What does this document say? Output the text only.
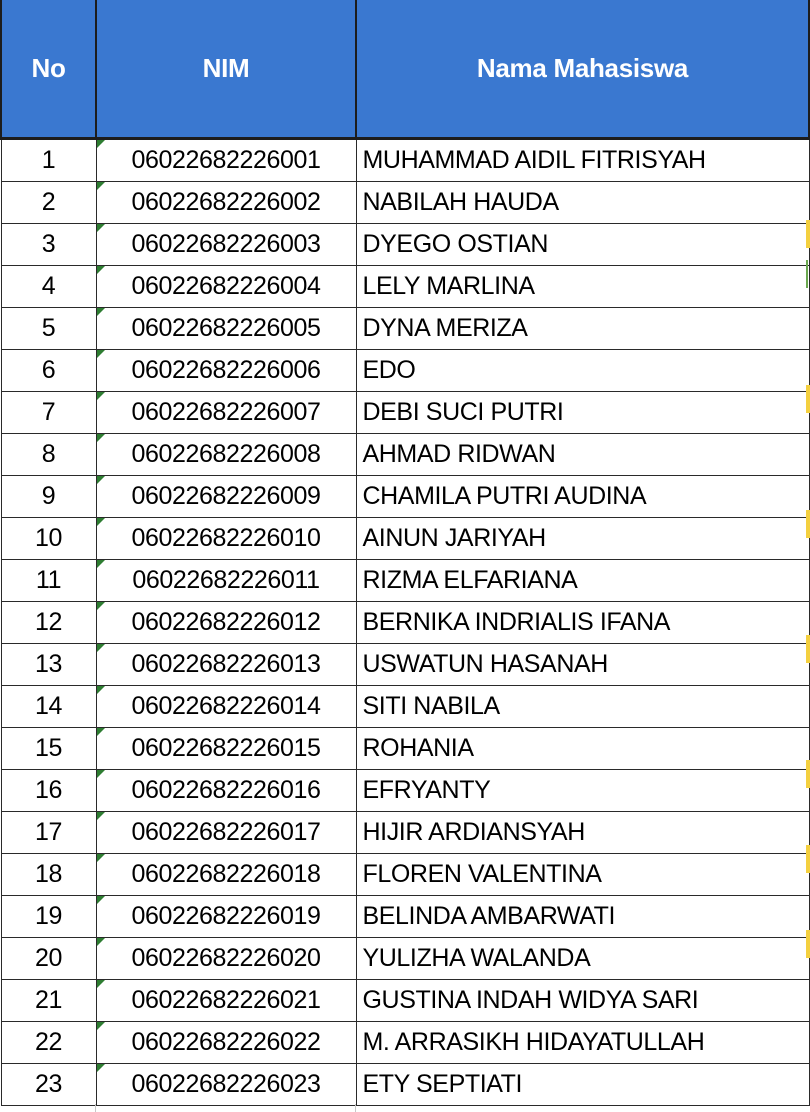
No	NIM	Nama Mahasiswa
1	06022682226001	MUHAMMAD AIDIL FITRISYAH
2	06022682226002	NABILAH HAUDA
3	06022682226003	DYEGO OSTIAN
4	06022682226004	LELY MARLINA
5	06022682226005	DYNA MERIZA
6	06022682226006	EDO
7	06022682226007	DEBI SUCI PUTRI
8	06022682226008	AHMAD RIDWAN
9	06022682226009	CHAMILA PUTRI AUDINA
10	06022682226010	AINUN JARIYAH
11	06022682226011	RIZMA ELFARIANA
12	06022682226012	BERNIKA INDRIALIS IFANA
13	06022682226013	USWATUN HASANAH
14	06022682226014	SITI NABILA
15	06022682226015	ROHANIA
16	06022682226016	EFRYANTY
17	06022682226017	HIJIR ARDIANSYAH
18	06022682226018	FLOREN VALENTINA
19	06022682226019	BELINDA AMBARWATI
20	06022682226020	YULIZHA WALANDA
21	06022682226021	GUSTINA INDAH WIDYA SARI
22	06022682226022	M. ARRASIKH HIDAYATULLAH
23	06022682226023	ETY SEPTIATI
